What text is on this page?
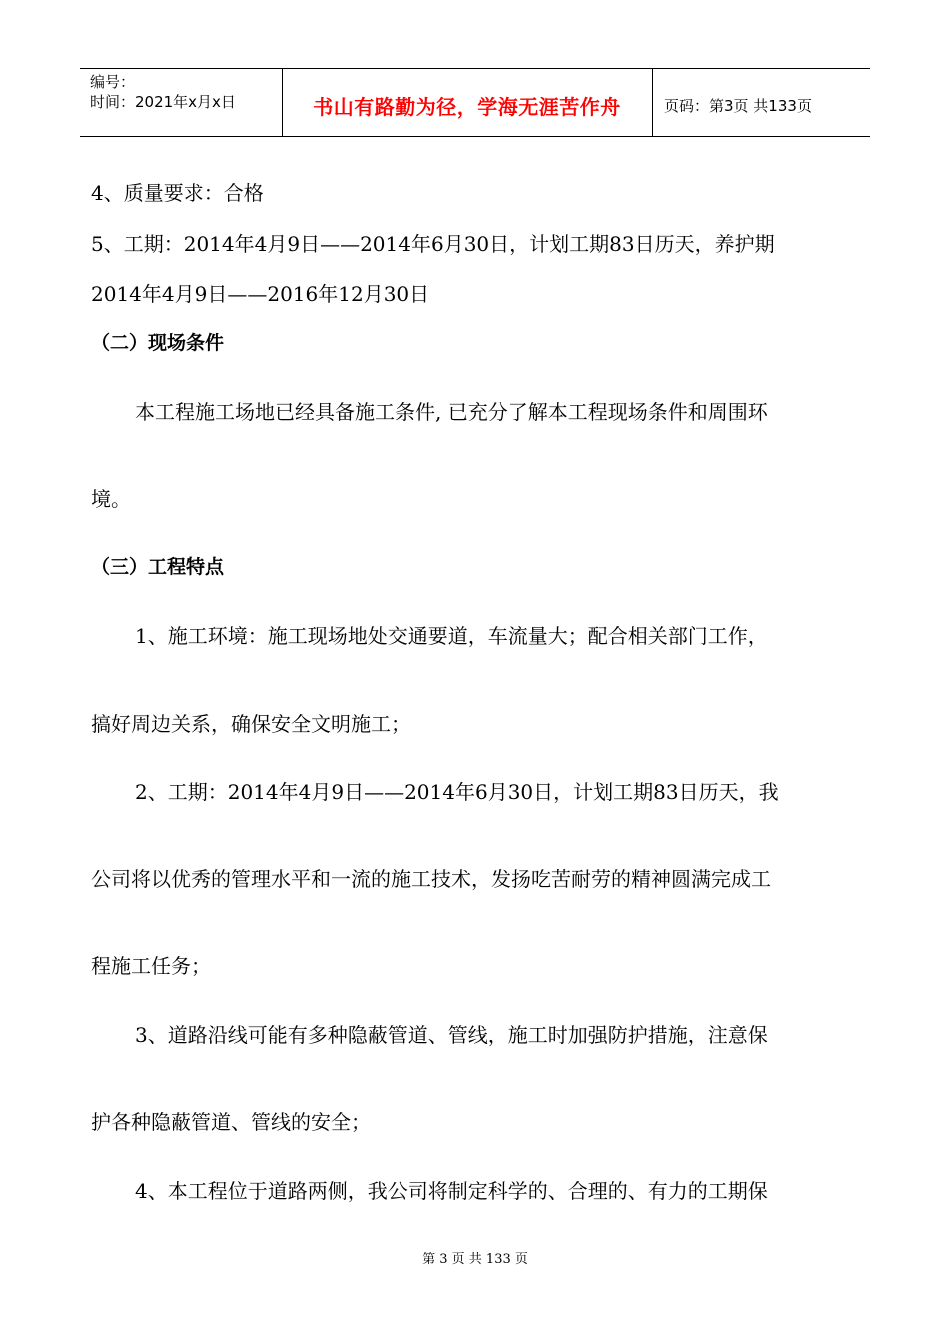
编号：
时间：2021年x月x日	书山有路勤为径，学海无涯苦作舟	页码：第3页 共133页
4、质量要求：合格
5、工期：2014年4月9日——2014年6月30日，计划工期83日历天，养护期
2014年4月9日——2016年12月30日
（二）现场条件
本工程施工场地已经具备施工条件, 已充分了解本工程现场条件和周围环
境。
（三）工程特点
1、施工环境：施工现场地处交通要道，车流量大；配合相关部门工作，
搞好周边关系，确保安全文明施工；
2、工期：2014年4月9日——2014年6月30日，计划工期83日历天，我
公司将以优秀的管理水平和一流的施工技术，发扬吃苦耐劳的精神圆满完成工
程施工任务；
3、道路沿线可能有多种隐蔽管道、管线，施工时加强防护措施，注意保
护各种隐蔽管道、管线的安全；
4、本工程位于道路两侧，我公司将制定科学的、合理的、有力的工期保
第 3 页 共 133 页
